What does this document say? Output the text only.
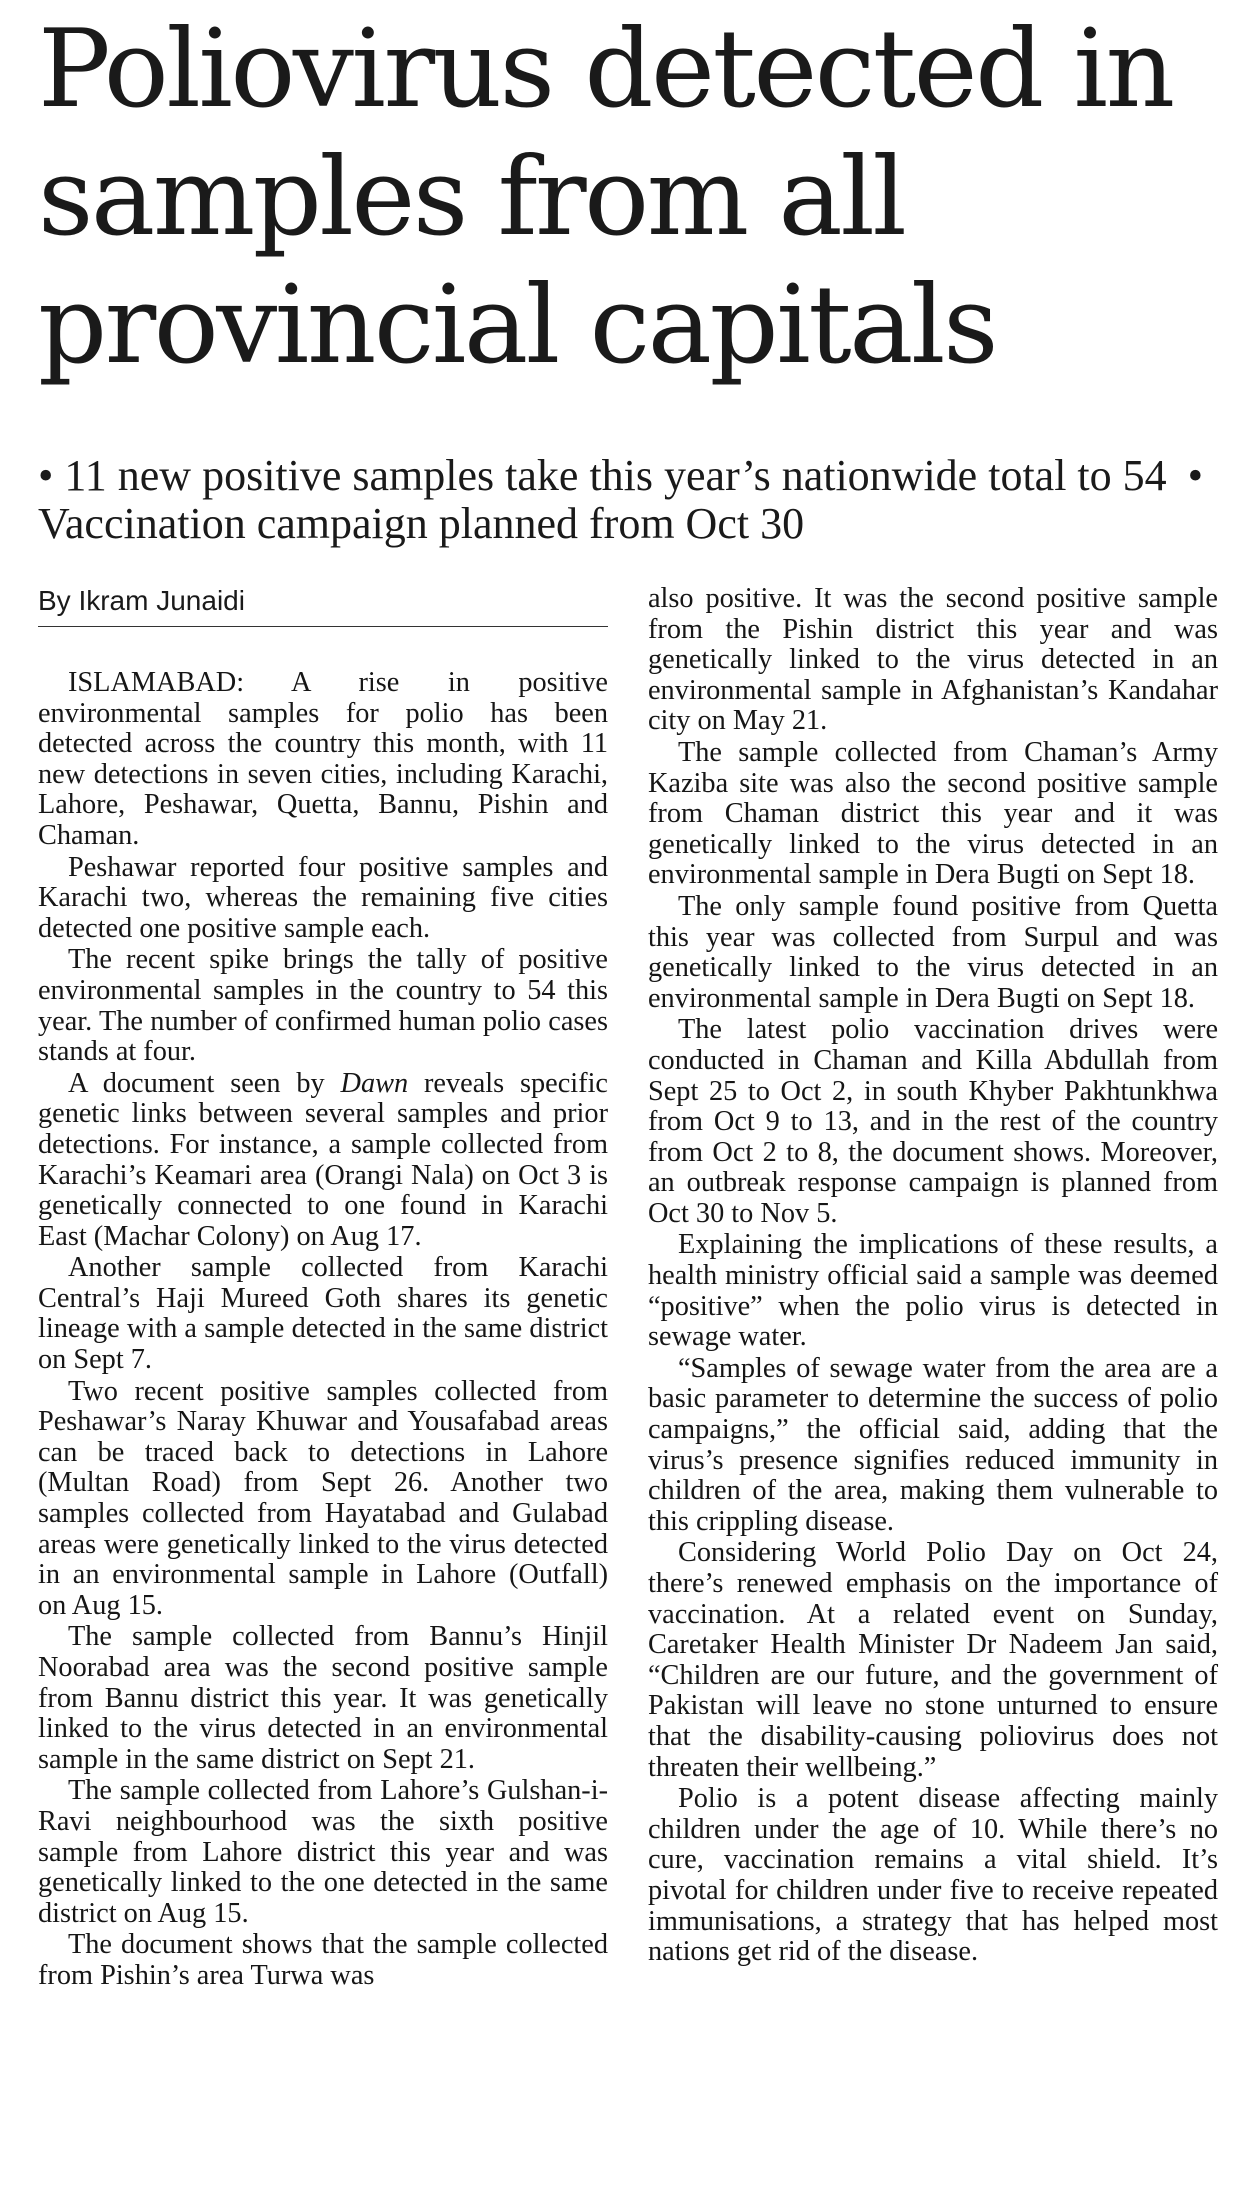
Poliovirus detected in samples from all provincial capitals
• 11 new positive samples take this year’s nationwide total to 54 • Vaccination campaign planned from Oct 30
By Ikram Junaidi

ISLAMABAD: A rise in positive environmental samples for polio has been detected across the country this month, with 11 new detections in seven cities, including Karachi, Lahore, Peshawar, Quetta, Bannu, Pishin and Chaman.

Peshawar reported four positive samples and Karachi two, whereas the remaining five cities detected one positive sample each.

The recent spike brings the tally of positive environmental samples in the country to 54 this year. The number of confirmed human polio cases stands at four.

A document seen by Dawn reveals specific genetic links between several samples and prior detections. For instance, a sample collected from Karachi’s Keamari area (Orangi Nala) on Oct 3 is genetically connected to one found in Karachi East (Machar Colony) on Aug 17.

Another sample collected from Karachi Central’s Haji Mureed Goth shares its genetic lineage with a sample detected in the same district on Sept 7.

Two recent positive samples collected from Peshawar’s Naray Khuwar and Yousafabad areas can be traced back to detections in Lahore (Multan Road) from Sept 26. Another two samples collected from Hayatabad and Gulabad areas were genetically linked to the virus detected in an environmental sample in Lahore (Outfall) on Aug 15.

The sample collected from Bannu’s Hinjil Noorabad area was the second positive sample from Bannu district this year. It was genetically linked to the virus detected in an environmental sample in the same district on Sept 21.

The sample collected from Lahore’s Gulshan-i-Ravi neighbourhood was the sixth positive sample from Lahore district this year and was genetically linked to the one detected in the same district on Aug 15.

The document shows that the sample collected from Pishin’s area Turwa was

also positive. It was the second positive sample from the Pishin district this year and was genetically linked to the virus detected in an environmental sample in Afghanistan’s Kandahar city on May 21.

The sample collected from Chaman’s Army Kaziba site was also the second positive sample from Chaman district this year and it was genetically linked to the virus detected in an environmental sample in Dera Bugti on Sept 18.

The only sample found positive from Quetta this year was collected from Surpul and was genetically linked to the virus detected in an environmental sample in Dera Bugti on Sept 18.

The latest polio vaccination drives were conducted in Chaman and Killa Abdullah from Sept 25 to Oct 2, in south Khyber Pakhtunkhwa from Oct 9 to 13, and in the rest of the country from Oct 2 to 8, the document shows. Moreover, an outbreak response campaign is planned from Oct 30 to Nov 5.

Explaining the implications of these results, a health ministry official said a sample was deemed “positive” when the polio virus is detected in sewage water.

“Samples of sewage water from the area are a basic parameter to determine the success of polio campaigns,” the official said, adding that the virus’s presence signifies reduced immunity in children of the area, making them vulnerable to this crippling disease.

Considering World Polio Day on Oct 24, there’s renewed emphasis on the importance of vaccination. At a related event on Sunday, Caretaker Health Minister Dr Nadeem Jan said, “Children are our future, and the government of Pakistan will leave no stone unturned to ensure that the disability-causing poliovirus does not threaten their wellbeing.”

Polio is a potent disease affecting mainly children under the age of 10. While there’s no cure, vaccination remains a vital shield. It’s pivotal for children under five to receive repeated immunisations, a strategy that has helped most nations get rid of the disease.
